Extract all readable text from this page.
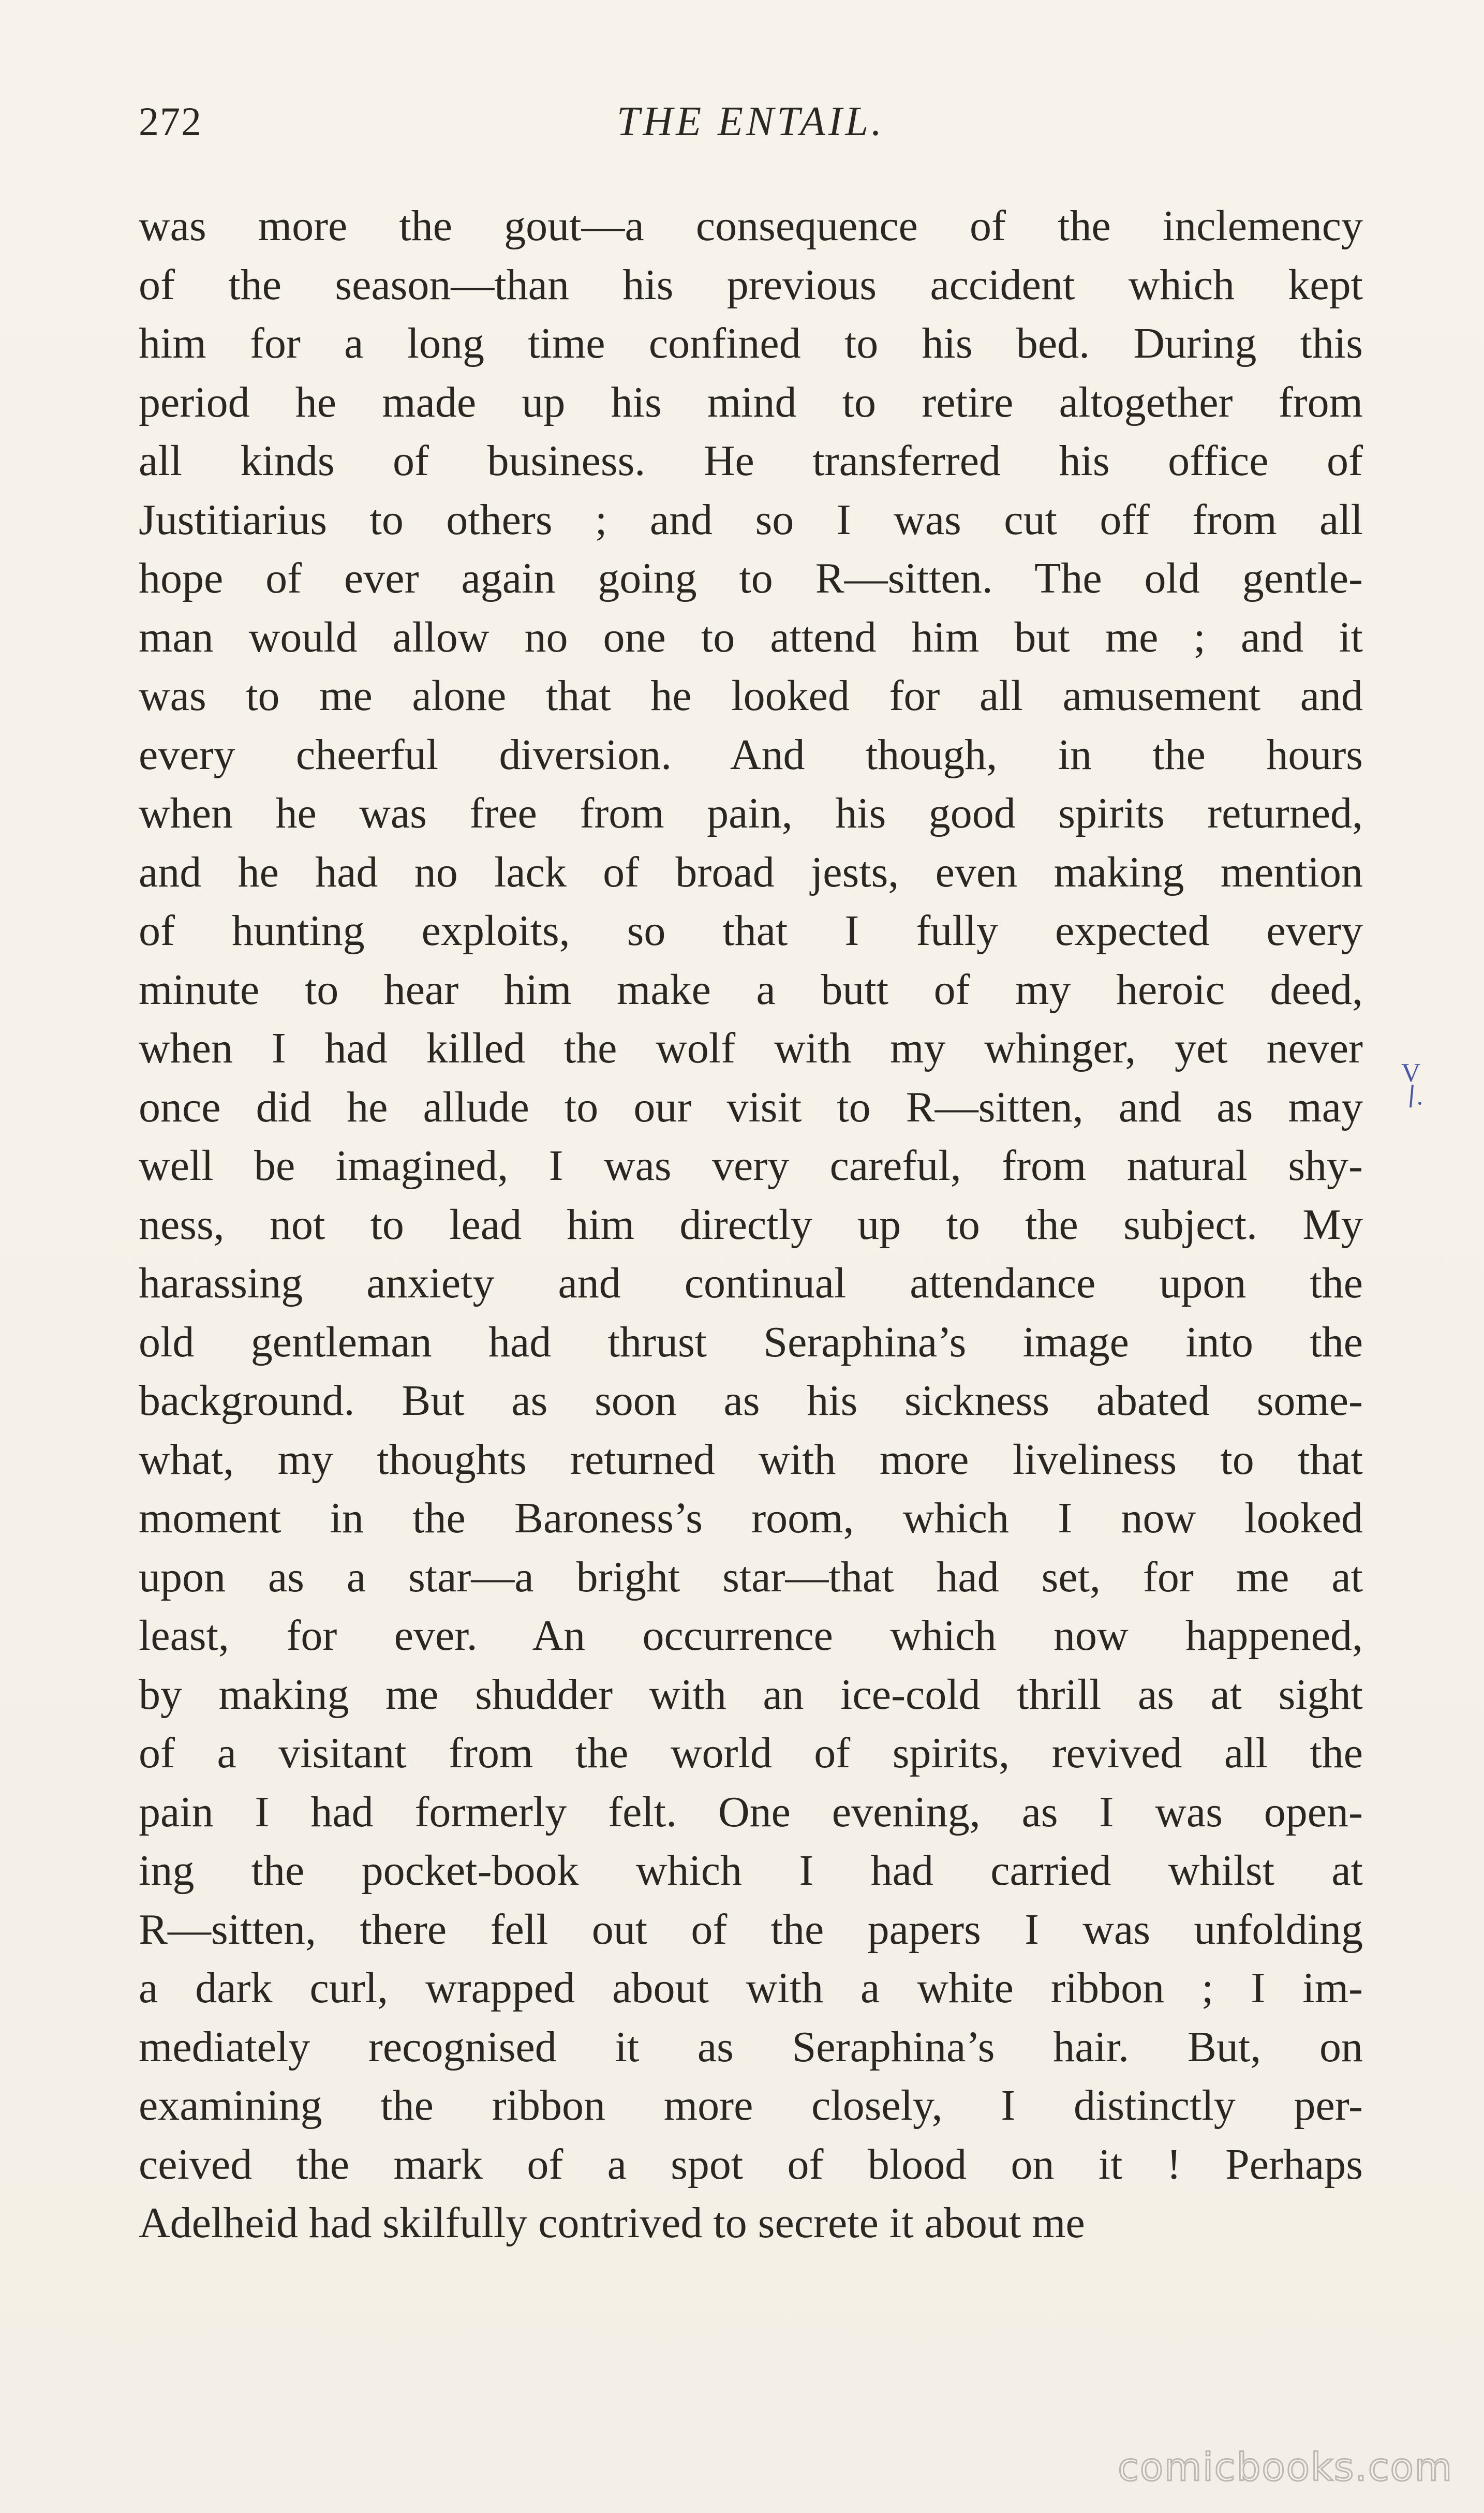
272	THE ENTAIL.
was more the gout—a consequence of the inclemency
of the season—than his previous accident which kept
him for a long time confined to his bed. During this
period he made up his mind to retire altogether from
all kinds of business. He transferred his office of
Justitiarius to others ; and so I was cut off from all
hope of ever again going to R—sitten. The old gentle-
man would allow no one to attend him but me ; and it
was to me alone that he looked for all amusement and
every cheerful diversion. And though, in the hours
when he was free from pain, his good spirits returned,
and he had no lack of broad jests, even making mention
of hunting exploits, so that I fully expected every
minute to hear him make a butt of my heroic deed,
when I had killed the wolf with my whinger, yet never
once did he allude to our visit to R—sitten, and as may
well be imagined, I was very careful, from natural shy-
ness, not to lead him directly up to the subject. My
harassing anxiety and continual attendance upon the
old gentleman had thrust Seraphina’s image into the
background. But as soon as his sickness abated some-
what, my thoughts returned with more liveliness to that
moment in the Baroness’s room, which I now looked
upon as a star—a bright star—that had set, for me at
least, for ever. An occurrence which now happened,
by making me shudder with an ice-cold thrill as at sight
of a visitant from the world of spirits, revived all the
pain I had formerly felt. One evening, as I was open-
ing the pocket-book which I had carried whilst at
R—sitten, there fell out of the papers I was unfolding
a dark curl, wrapped about with a white ribbon ; I im-
mediately recognised it as Seraphina’s hair. But, on
examining the ribbon more closely, I distinctly per-
ceived the mark of a spot of blood on it ! Perhaps
Adelheid had skilfully contrived to secrete it about me
V
comicbooks.com
